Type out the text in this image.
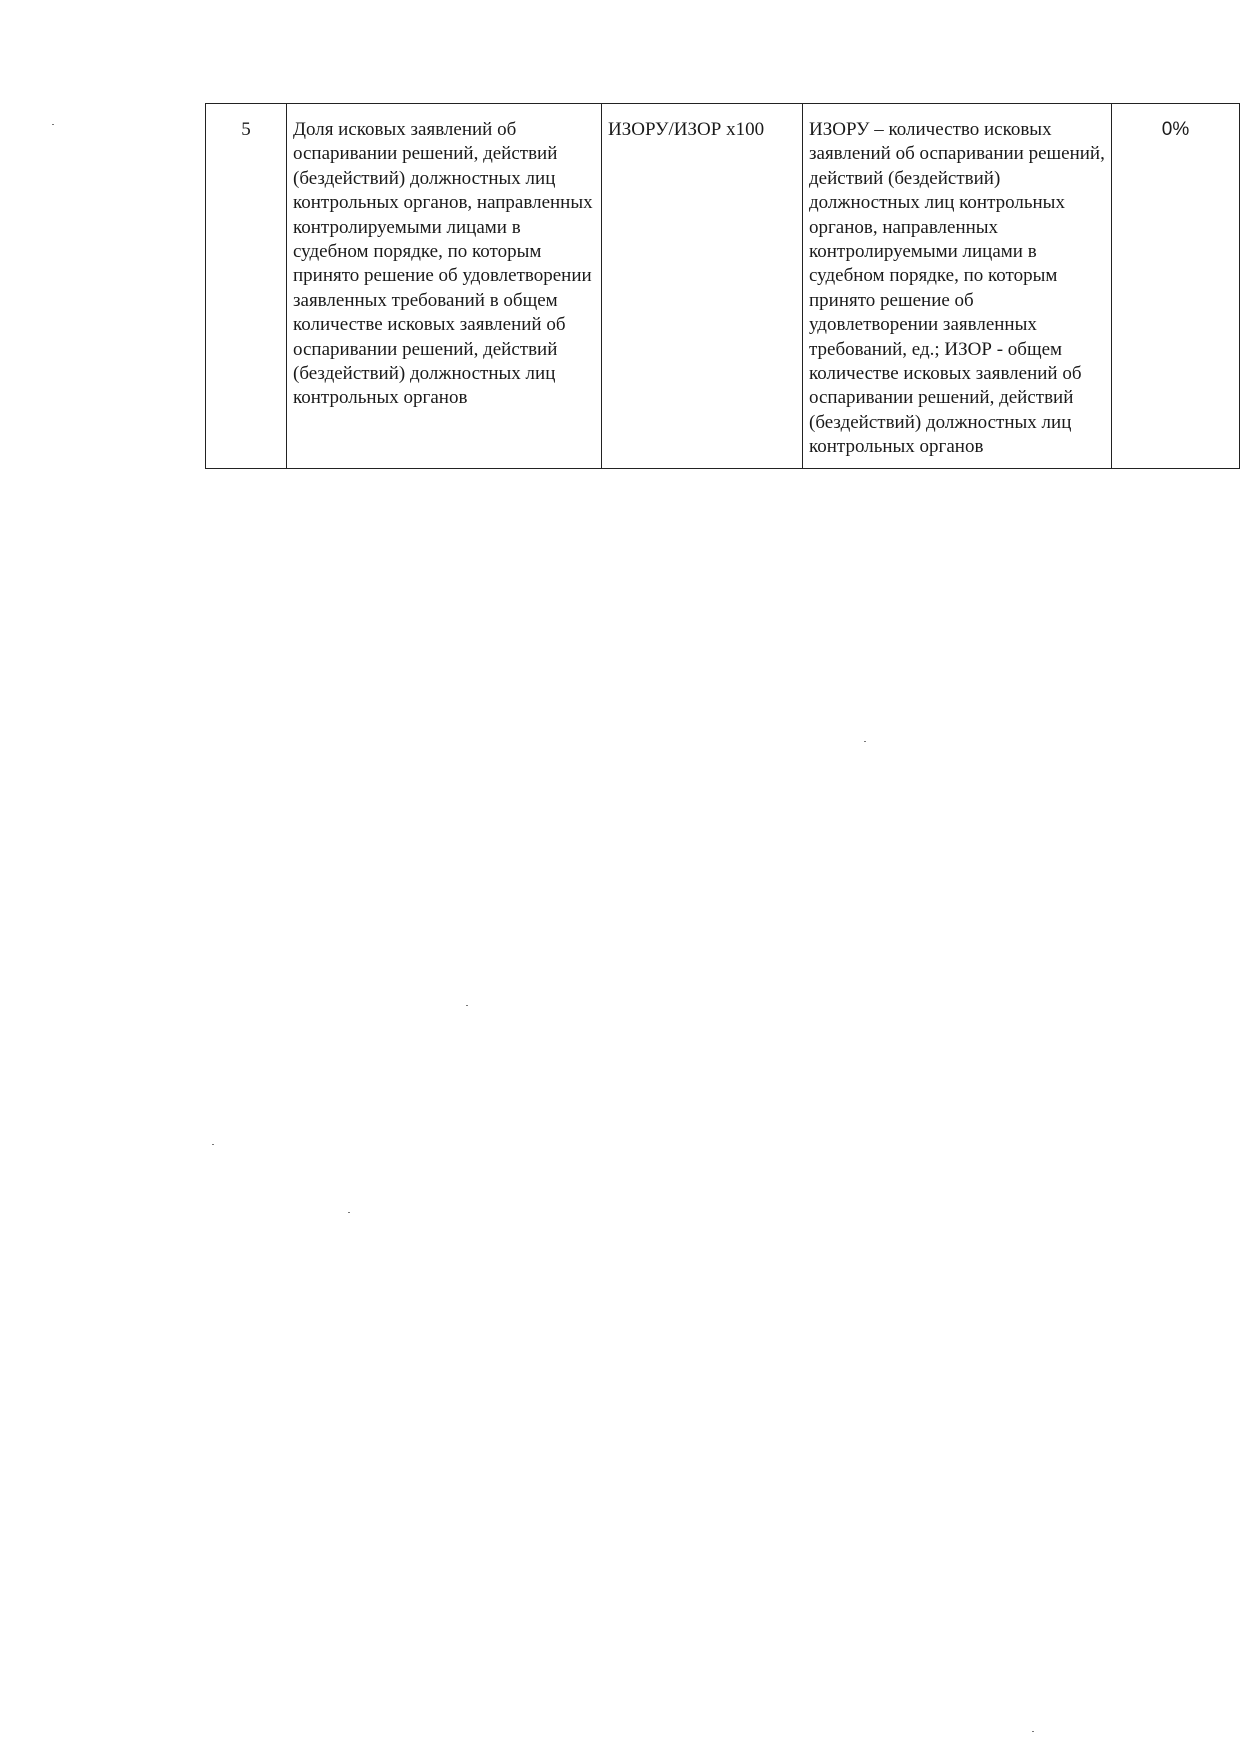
5	Доля исковых заявлений об оспаривании решений, действий (бездействий) должностных лиц контрольных органов, направленных контролируемыми лицами в судебном порядке, по которым принято решение об удовлетворении заявленных требований в общем количестве исковых заявлений об оспаривании решений, действий (бездействий) должностных лиц контрольных органов	ИЗОРУ/ИЗОР х100	ИЗОРУ – количество исковых заявлений об оспаривании решений, действий (бездействий) должностных лиц контрольных органов, направленных контролируемыми лицами в судебном порядке, по которым принято решение об удовлетворении заявленных требований, ед.; ИЗОР - общем количестве исковых заявлений об оспаривании решений, действий (бездействий) должностных лиц контрольных органов	0%
